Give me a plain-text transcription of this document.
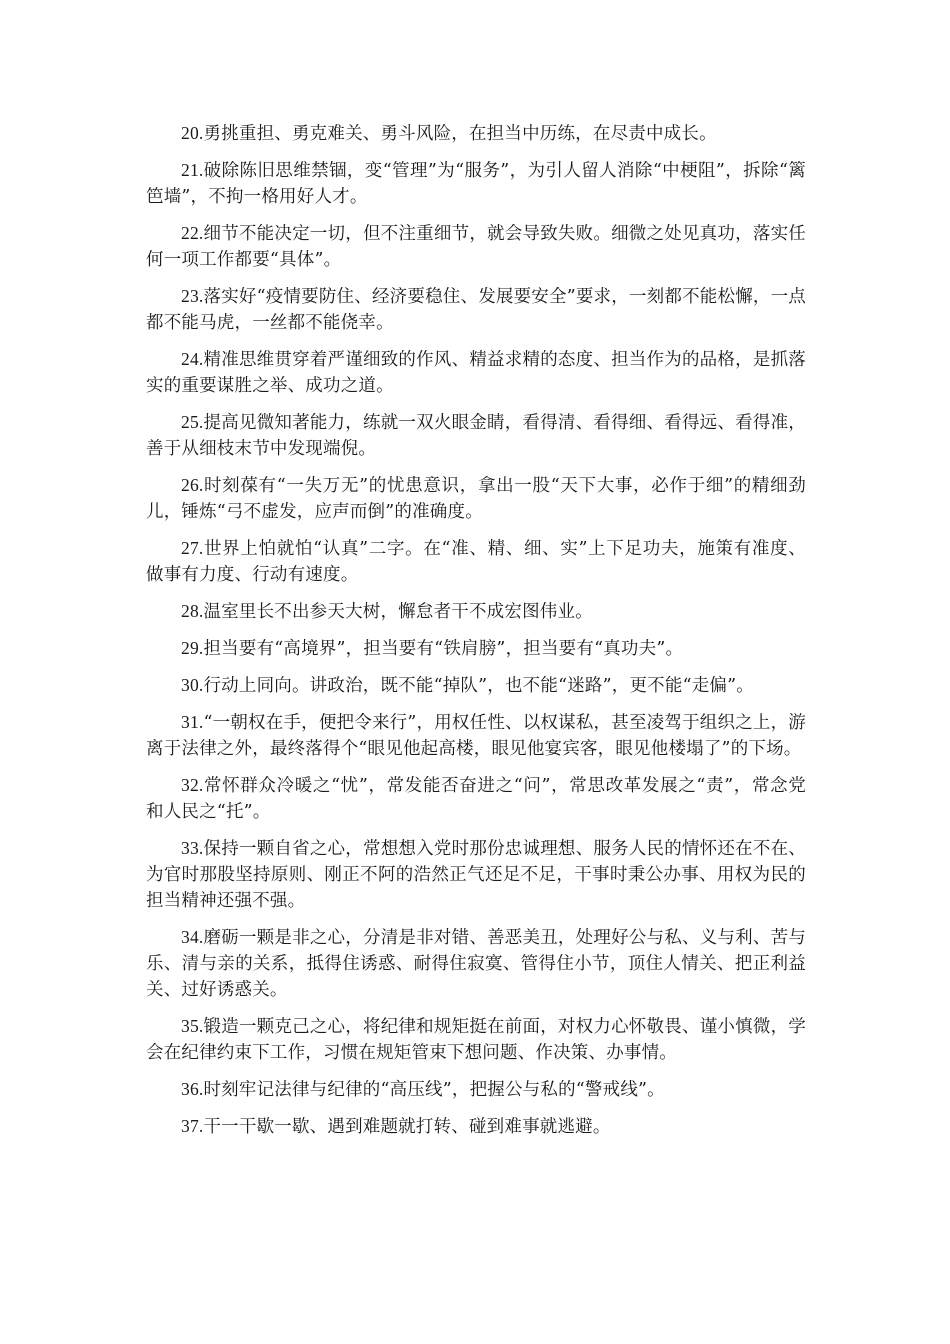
20.勇挑重担、勇克难关、勇斗风险，在担当中历练，在尽责中成长。

21.破除陈旧思维禁锢，变“管理”为“服务”，为引人留人消除“中梗阻”，拆除“篱笆墙”，不拘一格用好人才。

22.细节不能决定一切，但不注重细节，就会导致失败。细微之处见真功，落实任何一项工作都要“具体”。

23.落实好“疫情要防住、经济要稳住、发展要安全”要求，一刻都不能松懈，一点都不能马虎，一丝都不能侥幸。

24.精准思维贯穿着严谨细致的作风、精益求精的态度、担当作为的品格，是抓落实的重要谋胜之举、成功之道。

25.提高见微知著能力，练就一双火眼金睛，看得清、看得细、看得远、看得准，善于从细枝末节中发现端倪。

26.时刻葆有“一失万无”的忧患意识，拿出一股“天下大事，必作于细”的精细劲儿，锤炼“弓不虚发，应声而倒”的准确度。

27.世界上怕就怕“认真”二字。在“准、精、细、实”上下足功夫，施策有准度、做事有力度、行动有速度。

28.温室里长不出参天大树，懈怠者干不成宏图伟业。

29.担当要有“高境界”，担当要有“铁肩膀”，担当要有“真功夫”。

30.行动上同向。讲政治，既不能“掉队”，也不能“迷路”，更不能“走偏”。

31.“一朝权在手，便把令来行”，用权任性、以权谋私，甚至凌驾于组织之上，游离于法律之外，最终落得个“眼见他起高楼，眼见他宴宾客，眼见他楼塌了”的下场。

32.常怀群众冷暖之“忧”，常发能否奋进之“问”，常思改革发展之“责”，常念党和人民之“托”。

33.保持一颗自省之心，常想想入党时那份忠诚理想、服务人民的情怀还在不在、为官时那股坚持原则、刚正不阿的浩然正气还足不足，干事时秉公办事、用权为民的担当精神还强不强。

34.磨砺一颗是非之心，分清是非对错、善恶美丑，处理好公与私、义与利、苦与乐、清与亲的关系，抵得住诱惑、耐得住寂寞、管得住小节，顶住人情关、把正利益关、过好诱惑关。

35.锻造一颗克己之心，将纪律和规矩挺在前面，对权力心怀敬畏、谨小慎微，学会在纪律约束下工作，习惯在规矩管束下想问题、作决策、办事情。

36.时刻牢记法律与纪律的“高压线”，把握公与私的“警戒线”。

37.干一干歇一歇、遇到难题就打转、碰到难事就逃避。
